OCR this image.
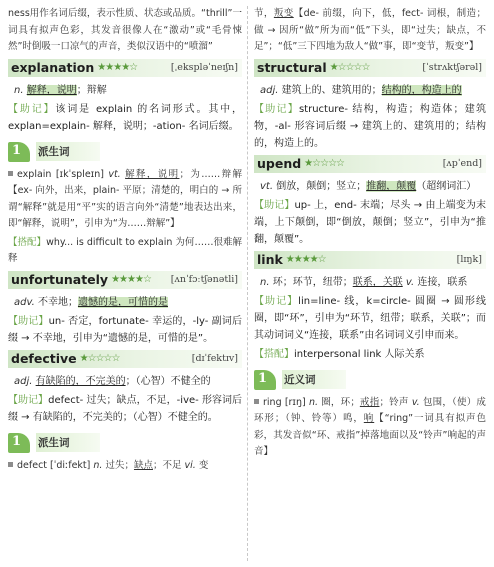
ness用作名词后缀，表示性质、状态或品质。“thrill”一词具有拟声色彩，其发音很像人在“激动”或“毛骨悚然”时倒吸一口凉气的声音，类似汉语中的“喷溜”

explanation ★★★★☆	[ˌekspləˈneɪʃn]

n. 解释，说明；辩解

【助记】该词是 explain 的名词形式。其中，explan=explain- 解释，说明；-ation- 名词后缀。

1 派生词

explain [ɪkˈspleɪn] vt. 解释，说明；为……辩解【ex- 向外，出来，plain- 平原；清楚的，明白的 → 所谓“解释”就是用“平”实的语言向外“清楚”地表达出来，即“解释，说明”，引申为“为……辩解”】

【搭配】why... is difficult to explain 为何……很难解释

unfortunately ★★★★☆ [ʌnˈfɔːtʃənətli]

adv. 不幸地；遗憾的是，可惜的是

【助记】un- 否定，fortunate- 幸运的，-ly- 副词后缀 → 不幸地，引申为“遗憾的是，可惜的是”。

defective ★☆☆☆☆	[dɪˈfektɪv]

adj. 有缺陷的，不完美的；（心智）不健全的

【助记】defect- 过失；缺点，不足，-ive- 形容词后缀 → 有缺陷的，不完美的；（心智）不健全的。

1 派生词

defect [ˈdiːfekt] n. 过失；缺点；不足 vi. 变

节，叛变【de- 前缀，向下，低，fect- 词根，制造；做 → 因所“做”所为而“低”下头，即“过失；缺点，不足”；“低”三下四地为敌人“做”事，即“变节，叛变”】

structural ★☆☆☆☆	[ˈstrʌktʃərəl]

adj. 建筑上的、建筑用的；结构的，构造上的

【助记】structure- 结构，构造；构造体；建筑物，-al- 形容词后缀 → 建筑上的、建筑用的；结构的，构造上的。

upend ★☆☆☆☆	[ʌpˈend]

vt. 倒放，颠倒；竖立；推翻，颠覆（超纲词汇）

【助记】up- 上，end- 末端；尽头 → 由上端变为末端，上下颠倒，即“倒放，颠倒；竖立”，引申为“推翻，颠覆”。

link ★★★★☆	[lɪŋk]

n. 环；环节，纽带；联系，关联 v. 连接，联系

【助记】lin=line- 线，k=circle- 圆圈 → 圆形线圈，即“环”，引申为“环节，纽带；联系，关联”；而其动词词义“连接，联系”由名词词义引申而来。

【搭配】interpersonal link 人际关系

1 近义词

ring [rɪŋ] n. 圈，环；戒指；铃声 v. 包围，（使）成环形；（钟、铃等）鸣，响【“ring”一词具有拟声色彩，其发音似“环、戒指”掉落地面以及“铃声”响起的声音】
